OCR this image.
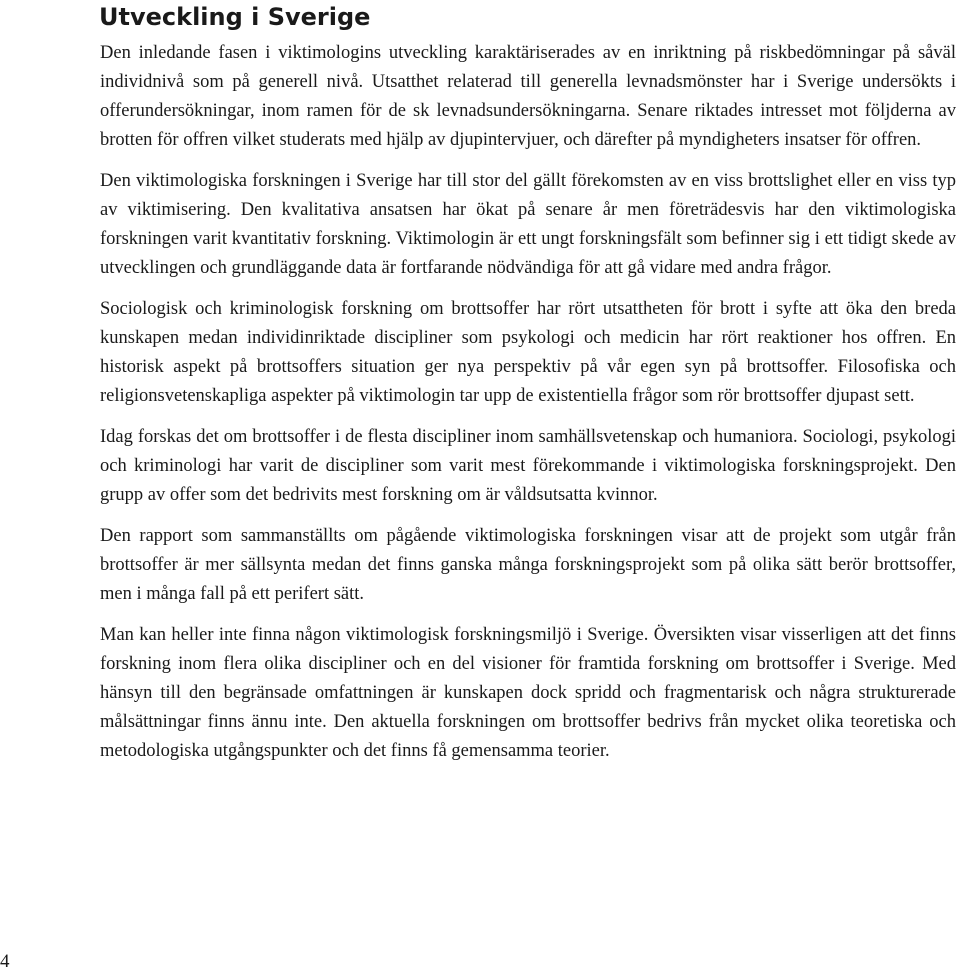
Utveckling i Sverige

Den inledande fasen i viktimologins utveckling karaktäriserades av en inriktning på riskbedömningar på såväl individnivå som på generell nivå. Utsatthet relaterad till generella levnadsmönster har i Sverige undersökts i offerundersökningar, inom ramen för de sk levnadsundersökningarna. Senare riktades intresset mot följderna av brotten för offren vilket studerats med hjälp av djupintervjuer, och därefter på myndigheters insatser för offren.

Den viktimologiska forskningen i Sverige har till stor del gällt förekomsten av en viss brottslighet eller en viss typ av viktimisering. Den kvalitativa ansatsen har ökat på senare år men företrädesvis har den viktimologiska forskningen varit kvantitativ forskning. Viktimologin är ett ungt forskningsfält som befinner sig i ett tidigt skede av utvecklingen och grundläggande data är fortfarande nödvändiga för att gå vidare med andra frågor.

Sociologisk och kriminologisk forskning om brottsoffer har rört utsattheten för brott i syfte att öka den breda kunskapen medan individinriktade discipliner som psykologi och medicin har rört reaktioner hos offren. En historisk aspekt på brottsoffers situation ger nya perspektiv på vår egen syn på brottsoffer. Filosofiska och religionsvetenskapliga aspekter på viktimologin tar upp de existentiella frågor som rör brottsoffer djupast sett.

Idag forskas det om brottsoffer i de flesta discipliner inom samhällsvetenskap och humaniora. Sociologi, psykologi och kriminologi har varit de discipliner som varit mest förekommande i viktimologiska forskningsprojekt. Den grupp av offer som det bedrivits mest forskning om är våldsutsatta kvinnor.

Den rapport som sammanställts om pågående viktimologiska forskningen visar att de projekt som utgår från brottsoffer är mer sällsynta medan det finns ganska många forskningsprojekt som på olika sätt berör brottsoffer, men i många fall på ett perifert sätt.

Man kan heller inte finna någon viktimologisk forskningsmiljö i Sverige. Översikten visar visserligen att det finns forskning inom flera olika discipliner och en del visioner för framtida forskning om brottsoffer i Sverige. Med hänsyn till den begränsade omfattningen är kunskapen dock spridd och fragmentarisk och några strukturerade målsättningar finns ännu inte. Den aktuella forskningen om brottsoffer bedrivs från mycket olika teoretiska och metodologiska utgångspunkter och det finns få gemensamma teorier.

4
